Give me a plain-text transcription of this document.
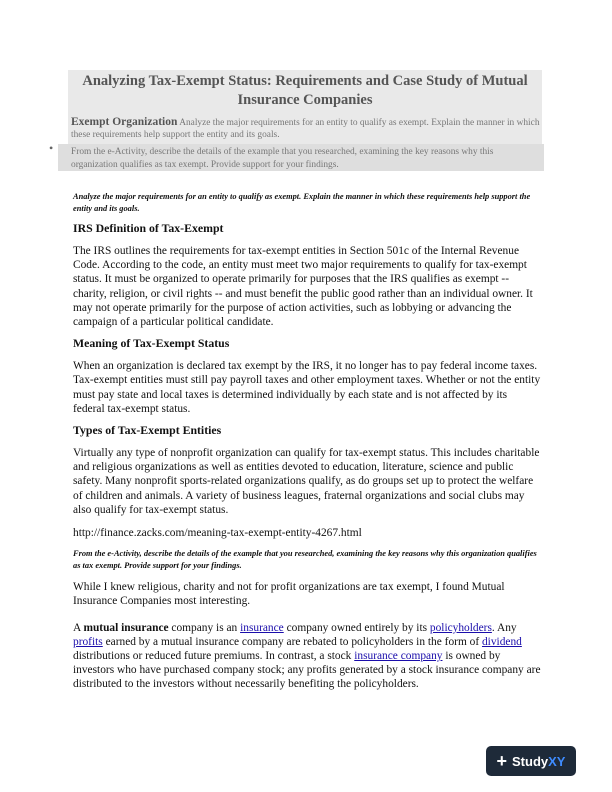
Analyzing Tax-Exempt Status: Requirements and Case Study of Mutual Insurance Companies
Exempt Organization Analyze the major requirements for an entity to qualify as exempt. Explain the manner in which these requirements help support the entity and its goals.
• From the e-Activity, describe the details of the example that you researched, examining the key reasons why this organization qualifies as tax exempt. Provide support for your findings.

Analyze the major requirements for an entity to qualify as exempt. Explain the manner in which these requirements help support the entity and its goals.

IRS Definition of Tax-Exempt

The IRS outlines the requirements for tax-exempt entities in Section 501c of the Internal Revenue Code. According to the code, an entity must meet two major requirements to qualify for tax-exempt status. It must be organized to operate primarily for purposes that the IRS qualifies as exempt -- charity, religion, or civil rights -- and must benefit the public good rather than an individual owner. It may not operate primarily for the purpose of action activities, such as lobbying or advancing the campaign of a particular political candidate.

Meaning of Tax-Exempt Status

When an organization is declared tax exempt by the IRS, it no longer has to pay federal income taxes. Tax-exempt entities must still pay payroll taxes and other employment taxes. Whether or not the entity must pay state and local taxes is determined individually by each state and is not affected by its federal tax-exempt status.

Types of Tax-Exempt Entities

Virtually any type of nonprofit organization can qualify for tax-exempt status. This includes charitable and religious organizations as well as entities devoted to education, literature, science and public safety. Many nonprofit sports-related organizations qualify, as do groups set up to protect the welfare of children and animals. A variety of business leagues, fraternal organizations and social clubs may also qualify for tax-exempt status.

http://finance.zacks.com/meaning-tax-exempt-entity-4267.html

From the e-Activity, describe the details of the example that you researched, examining the key reasons why this organization qualifies as tax exempt. Provide support for your findings.

While I knew religious, charity and not for profit organizations are tax exempt, I found Mutual Insurance Companies most interesting.

A mutual insurance company is an insurance company owned entirely by its policyholders. Any profits earned by a mutual insurance company are rebated to policyholders in the form of dividend distributions or reduced future premiums. In contrast, a stock insurance company is owned by investors who have purchased company stock; any profits generated by a stock insurance company are distributed to the investors without necessarily benefiting the policyholders.

+ Study XY
